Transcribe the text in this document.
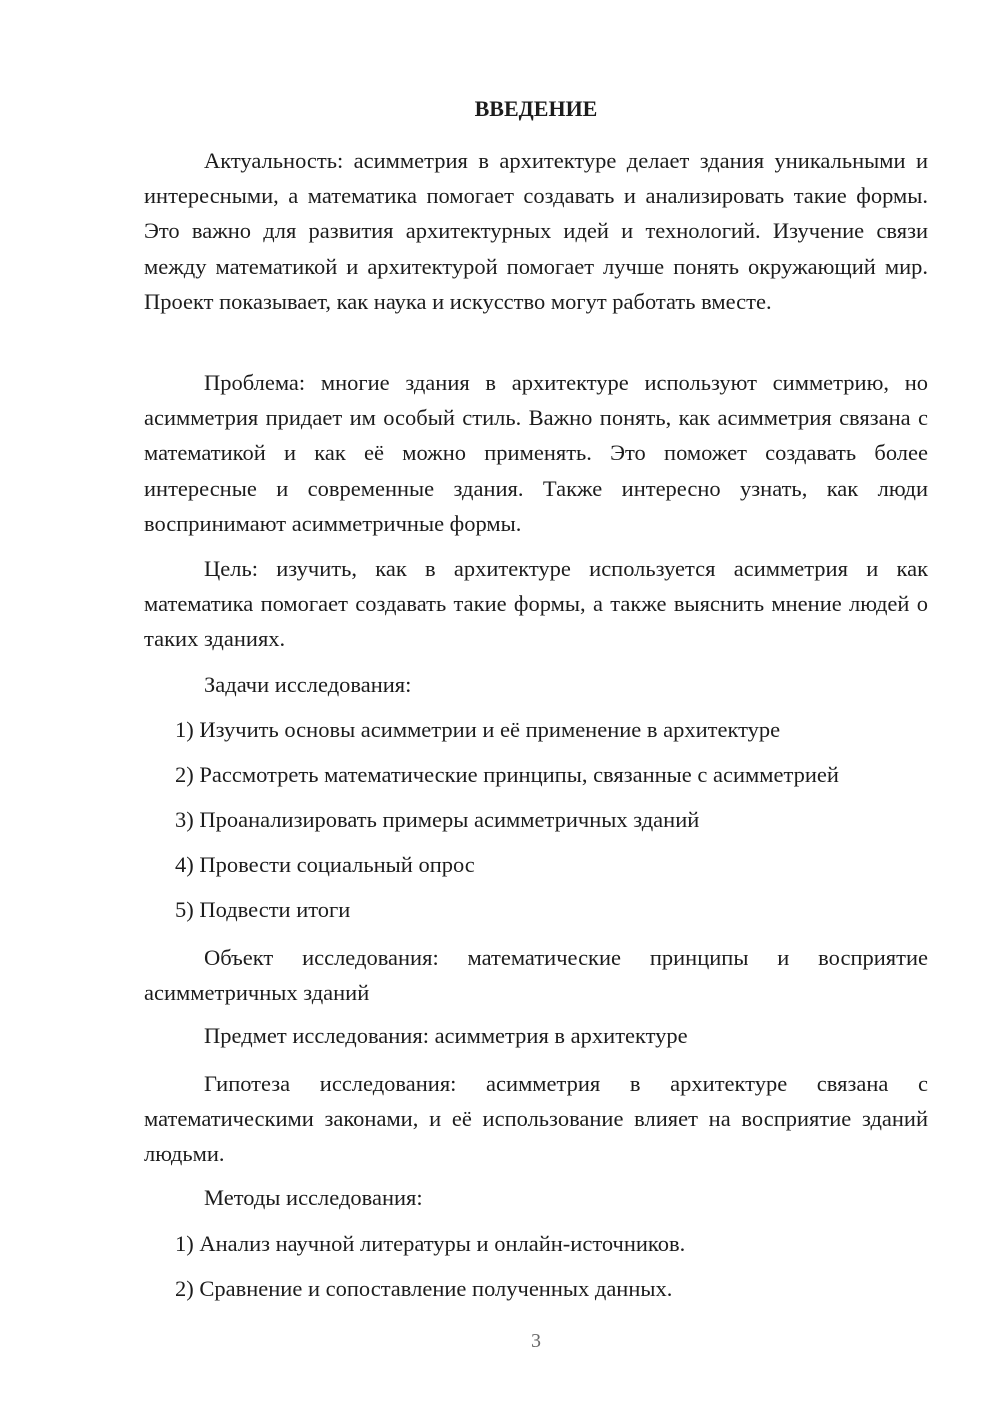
ВВЕДЕНИЕ

Актуальность: асимметрия в архитектуре делает здания уникальными и интересными, а математика помогает создавать и анализировать такие формы. Это важно для развития архитектурных идей и технологий. Изучение связи между математикой и архитектурой помогает лучше понять окружающий мир. Проект показывает, как наука и искусство могут работать вместе.

Проблема: многие здания в архитектуре используют симметрию, но асимметрия придает им особый стиль. Важно понять, как асимметрия связана с математикой и как её можно применять. Это поможет создавать более интересные и современные здания. Также интересно узнать, как люди воспринимают асимметричные формы.

Цель: изучить, как в архитектуре используется асимметрия и как математика помогает создавать такие формы, а также выяснить мнение людей о таких зданиях.

Задачи исследования:

1) Изучить основы асимметрии и её применение в архитектуре
2) Рассмотреть математические принципы, связанные с асимметрией
3) Проанализировать примеры асимметричных зданий
4) Провести социальный опрос
5) Подвести итоги

Объект исследования: математические принципы и восприятие асимметричных зданий

Предмет исследования: асимметрия в архитектуре

Гипотеза исследования: асимметрия в архитектуре связана с математическими законами, и её использование влияет на восприятие зданий людьми.

Методы исследования:

1) Анализ научной литературы и онлайн-источников.
2) Сравнение и сопоставление полученных данных.
3
